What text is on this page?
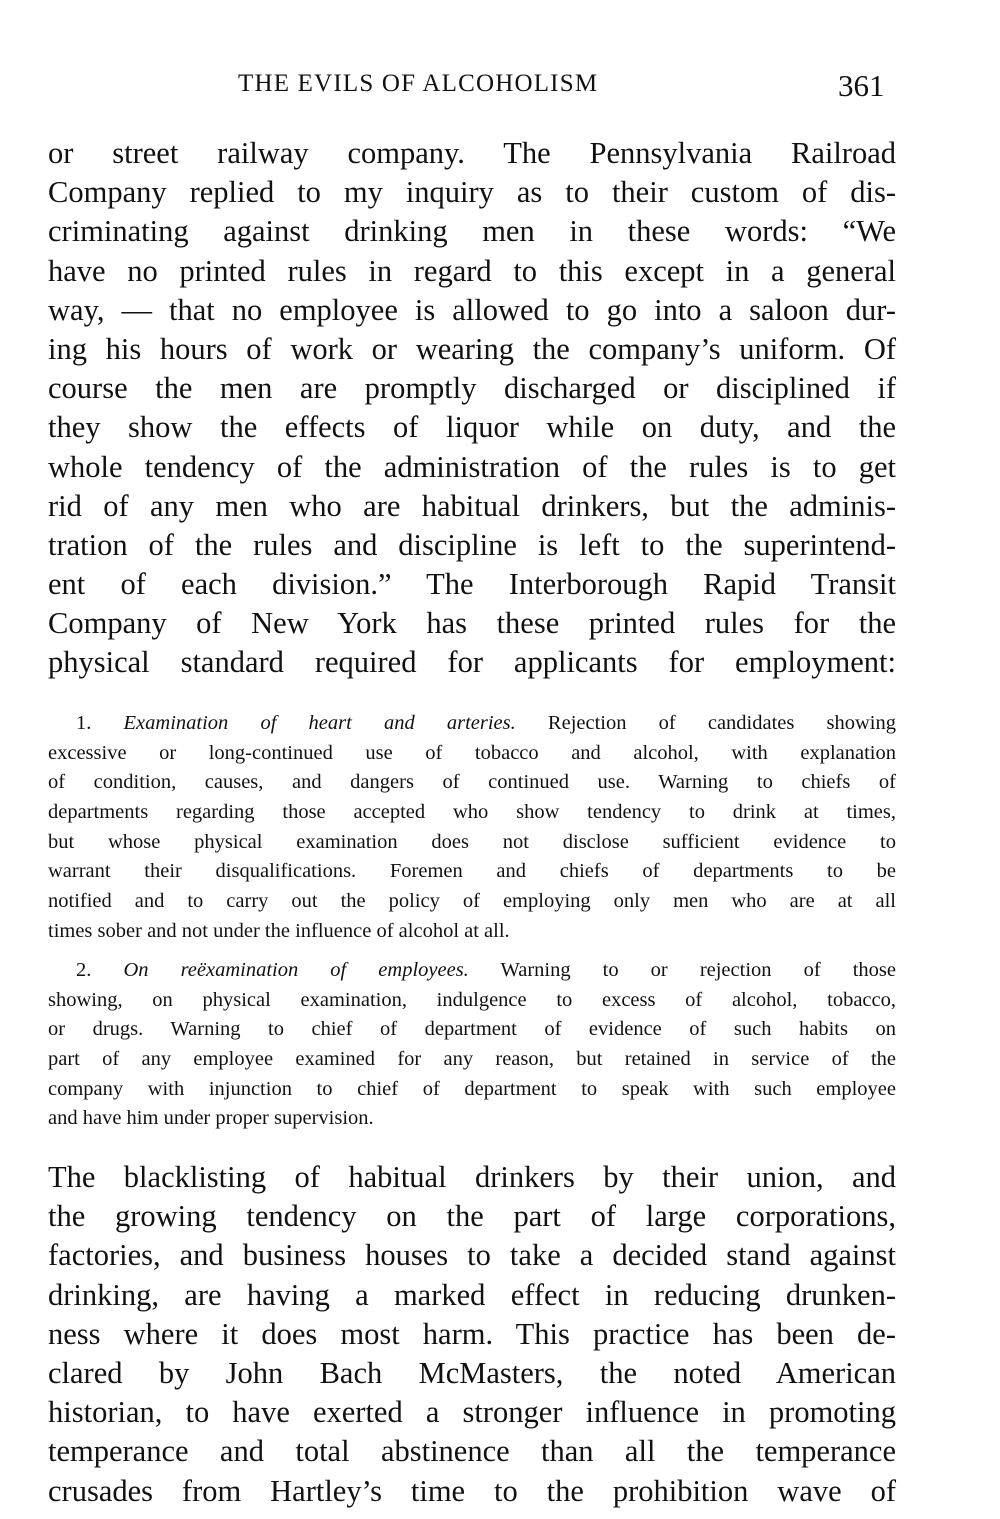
THE EVILS OF ALCOHOLISM	361
or street railway company. The Pennsylvania Railroad
Company replied to my inquiry as to their custom of dis-
criminating against drinking men in these words: “We
have no printed rules in regard to this except in a general
way, — that no employee is allowed to go into a saloon dur-
ing his hours of work or wearing the company’s uniform. Of
course the men are promptly discharged or disciplined if
they show the effects of liquor while on duty, and the
whole tendency of the administration of the rules is to get
rid of any men who are habitual drinkers, but the adminis-
tration of the rules and discipline is left to the superintend-
ent of each division.” The Interborough Rapid Transit
Company of New York has these printed rules for the
physical standard required for applicants for employment:
1. Examination of heart and arteries. Rejection of candidates showing
excessive or long-continued use of tobacco and alcohol, with explanation
of condition, causes, and dangers of continued use. Warning to chiefs of
departments regarding those accepted who show tendency to drink at times,
but whose physical examination does not disclose sufficient evidence to
warrant their disqualifications. Foremen and chiefs of departments to be
notified and to carry out the policy of employing only men who are at all
times sober and not under the influence of alcohol at all.
2. On reëxamination of employees. Warning to or rejection of those
showing, on physical examination, indulgence to excess of alcohol, tobacco,
or drugs. Warning to chief of department of evidence of such habits on
part of any employee examined for any reason, but retained in service of the
company with injunction to chief of department to speak with such employee
and have him under proper supervision.
The blacklisting of habitual drinkers by their union, and
the growing tendency on the part of large corporations,
factories, and business houses to take a decided stand against
drinking, are having a marked effect in reducing drunken-
ness where it does most harm. This practice has been de-
clared by John Bach McMasters, the noted American
historian, to have exerted a stronger influence in promoting
temperance and total abstinence than all the temperance
crusades from Hartley’s time to the prohibition wave of
